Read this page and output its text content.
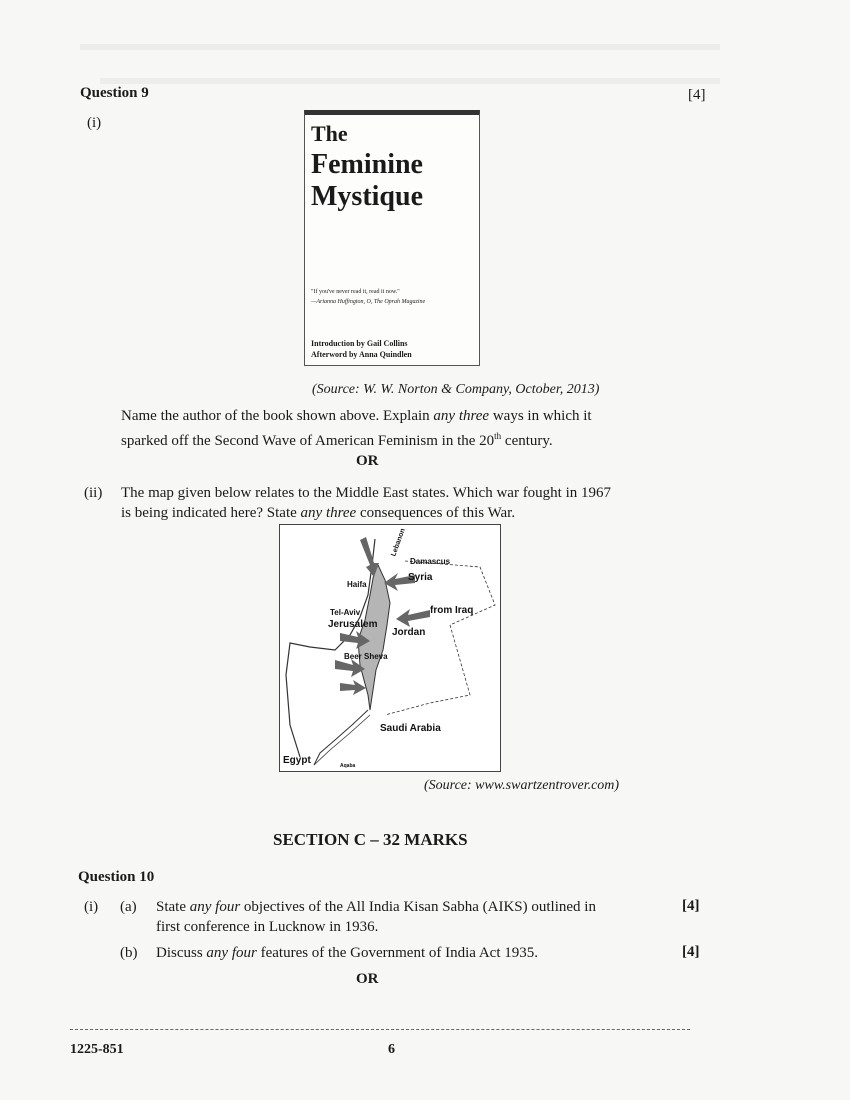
Question 9	[4]
(i)	The
Feminine
Mystique
"If you've never read it, read it now."
—Arianna Huffington, O, The Oprah Magazine
Introduction by Gail Collins
Afterword by Anna Quindlen
(Source: W. W. Norton & Company, October, 2013)
Name the author of the book shown above. Explain any three ways in which it
sparked off the Second Wave of American Feminism in the 20th century.
OR
(ii) The map given below relates to the Middle East states. Which war fought in 1967
is being indicated here? State any three consequences of this War.
Lebanon
Damascus
Haifa
Syria
Tel-Aviv	from Iraq
Jerusalem
Jordan
Beer Sheva
Saudi Arabia
Egypt	Aqaba
(Source: www.swartzentrover.com)
SECTION C – 32 MARKS
Question 10
(i) (a) State any four objectives of the All India Kisan Sabha (AIKS) outlined in
first conference in Lucknow in 1936.
[4]
(b) Discuss any four features of the Government of India Act 1935.	[4]
OR
1225-851	6
